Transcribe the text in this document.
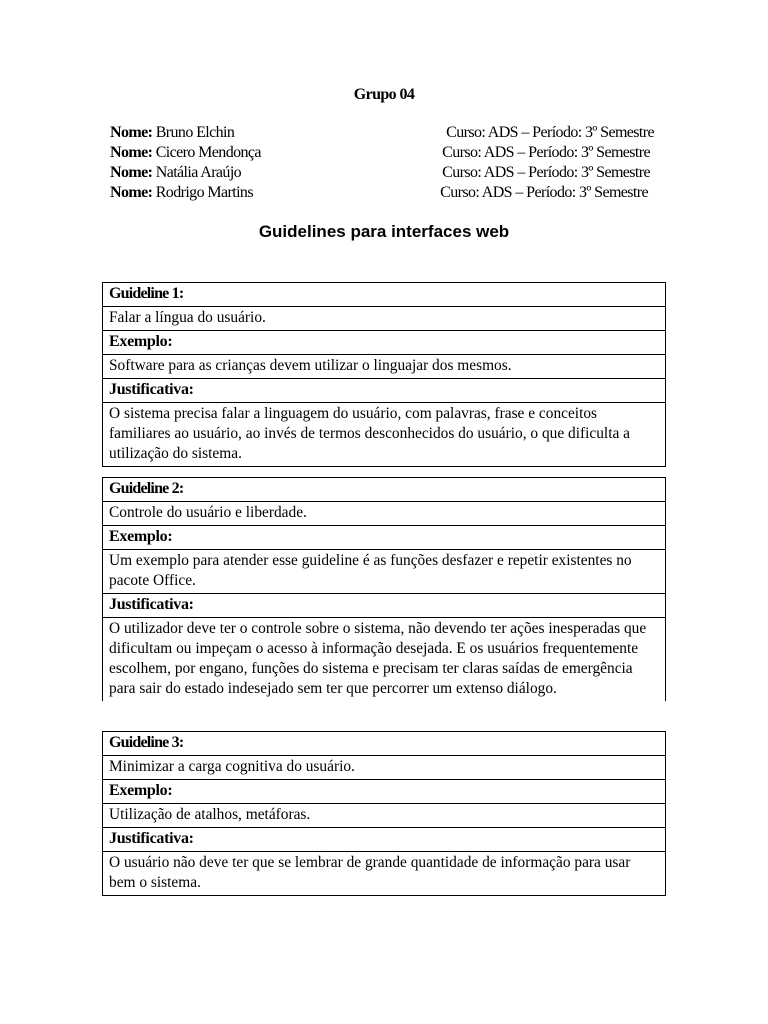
Grupo 04
Nome: Bruno Elchin	Curso: ADS – Período: 3º Semestre
Nome: Cicero Mendonça	Curso: ADS – Período: 3º Semestre
Nome: Natália Araújo	Curso: ADS – Período: 3º Semestre
Nome: Rodrigo Martins	Curso: ADS – Período: 3º Semestre
Guidelines para interfaces web
Guideline 1:
Falar a língua do usuário.
Exemplo:
Software para as crianças devem utilizar o linguajar dos mesmos.
Justificativa:
O sistema precisa falar a linguagem do usuário, com palavras, frase e conceitos familiares ao usuário, ao invés de termos desconhecidos do usuário, o que dificulta a utilização do sistema.
Guideline 2:
Controle do usuário e liberdade.
Exemplo:
Um exemplo para atender esse guideline é as funções desfazer e repetir existentes no pacote Office.
Justificativa:
O utilizador deve ter o controle sobre o sistema, não devendo ter ações inesperadas que dificultam ou impeçam o acesso à informação desejada. E os usuários frequentemente escolhem, por engano, funções do sistema e precisam ter claras saídas de emergência para sair do estado indesejado sem ter que percorrer um extenso diálogo.
Guideline 3:
Minimizar a carga cognitiva do usuário.
Exemplo:
Utilização de atalhos, metáforas.
Justificativa:
O usuário não deve ter que se lembrar de grande quantidade de informação para usar bem o sistema.
